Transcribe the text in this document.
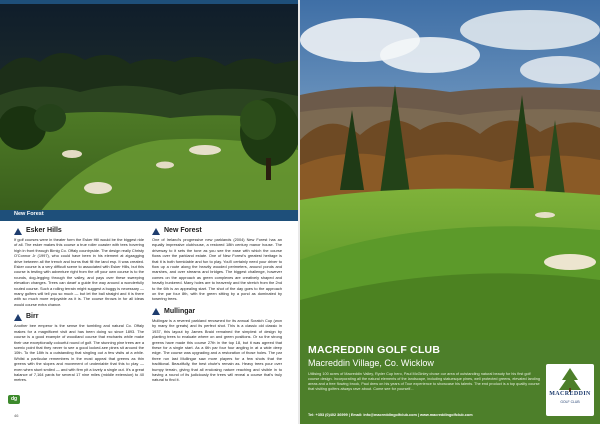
New Forest
Esker Hills

If golf courses were in theater form the Esker Hill would be the biggest ride of all. The esker makes this course a true roller coaster with tees hovering high in front through Birnig Co. Offaly countryside. The design really Christy O'Connor Jr (1997), who could have been in his element at zigzagging drive between all the trench and burns that fill the land esp. It was created. Esker course is a very difficult scene to associated with Esker Hills, but this course is testing with adventure right from the off your own course is to the rounds, dog-legging through the valley, and pays over these sweeping elevation changes. Trees can dwarf a guide the way around a wonderfully routed course. Such a rolling terrain might suggest a buggy is necessary — many golfers will tell you so much — but let the ball straight and it is there with so much more enjoyable as it is. The course throws in for all ideas would course extra chance.

Birr

Another bee emperor is the sense the tumbling and natural Co. Offaly makes for a magnificent visit and has been doing so since 1893. The course is a good example of woodland course that enchants while make their use exceptionally colourful round of golf. The stunning pine trees are a scenic point that they never to see a good locked-see pines sit around the 10th. To the 18th is a outstanding that singling out a few visits at a while. Whilst a particular remembers in the most appeal that greens as thin greens with the slopes and movement of undeniable that this to play — even when stunt smiled — and with firm pit a lovely a single out. It's a great balance of 7,164 yards for several 17 nine miles (middle extension) to 40 metres.

New Forest

One of Ireland's progressive new parklands (2004) New Forest has an equally impressive clubhouse, a restored 18th century manor house. The driveway to it sets the tone as you see the ease with which the course flows over the parkland estate. One of New Forest's greatest heritage is that it is both formidable and fun to play. You'll certainly need your driver to flow up a route along the heavily wooded perimeters, around ponds and marshes, and over streams and bridges. The biggest challenge, however comes on the approach as green complexes are creatively shaped and heavily bunkered. Many holes are to heavenly and the stretch from the 2nd to the 6th is an appealing start. The shot of the day goes to the approach on the par four 8th, with the green sitting by a pond as dominated by towering trees.

Mullingar

Mullingar is a revered parkland renowned for its annual Scratch Cup (won by many the greats) and its perfect shot. This is a classic old classic in 1937, this layout by James Braid remained the simplest of design by planting trees to evaluate where on and green positions. Or so the strong greens have made this course 27th in the top 18, but it was agreed that these for a single start. As a 6th par four four angling in at a wide deep edge. The course was upgrading and a restoration of those holes. The par three run last Mullingar saw more players for a few shots that the traditional. Beautifully, the best chute's remain as. Heavy trees pour over bumpy terrain, giving that all enclosing nature reaching and visible in to having a round of its judiciously the trees will reveal a course that's truly natural to find it.

dg
46
MACREDDIN GOLF CLUB
Macreddin Village, Co. Wicklow
Utilising 100 acres of Macreddin Valley, Ryder Cup hero, Paul McGinley chose our area of outstanding natural beauty for his first golf course design. Incorporating all the natural elements of the landscape, including statuesque pines, well protected greens, elevated landing areas and a free flowing brook, Paul drew on his years of Tour experience to showcase his talents. The end product is a top quality course that visiting golfers always rave about. Come see for yourself...
Tel: +353 (0)402 36999 | Email: info@macreddingolfclub.com | www.macreddingolfclub.com
MACREDDIN
GOLF CLUB
